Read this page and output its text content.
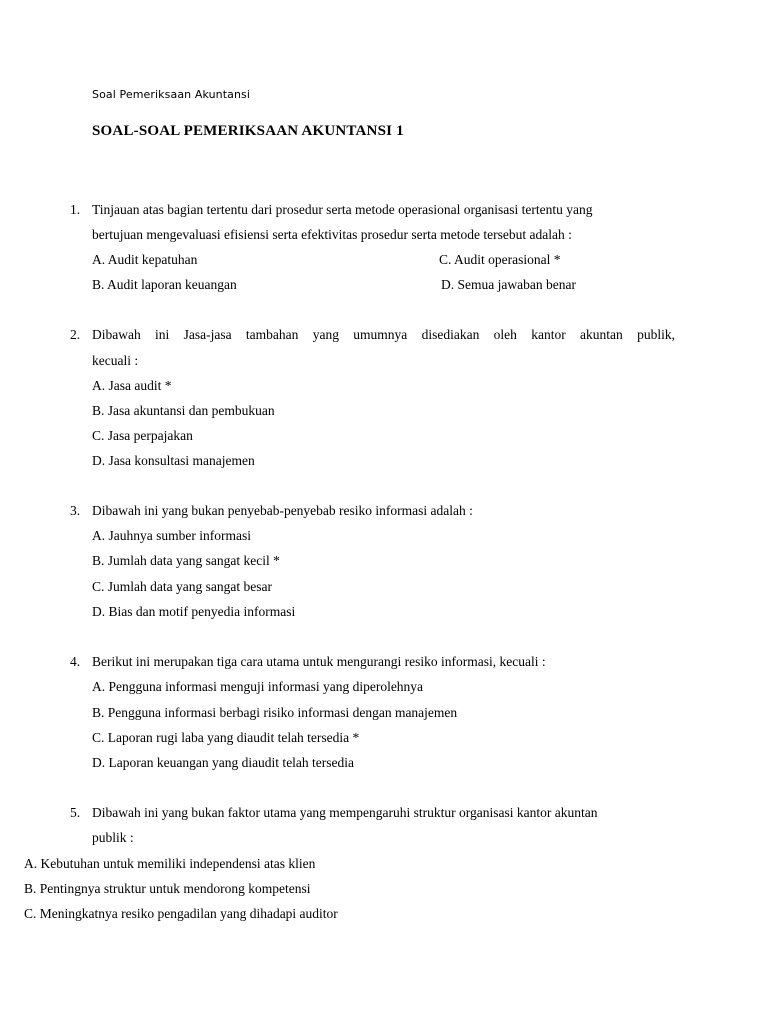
Soal Pemeriksaan Akuntansi
SOAL-SOAL PEMERIKSAAN AKUNTANSI 1
1. Tinjauan atas bagian tertentu dari prosedur serta metode operasional organisasi tertentu yang
bertujuan mengevaluasi efisiensi serta efektivitas prosedur serta metode tersebut adalah :
A. Audit kepatuhan	C. Audit operasional *
B. Audit laporan keuangan	D. Semua jawaban benar
2. Dibawah ini Jasa-jasa tambahan yang umumnya disediakan oleh kantor akuntan publik,
kecuali :
A. Jasa audit *
B. Jasa akuntansi dan pembukuan
C. Jasa perpajakan
D. Jasa konsultasi manajemen
3. Dibawah ini yang bukan penyebab-penyebab resiko informasi adalah :
A. Jauhnya sumber informasi
B. Jumlah data yang sangat kecil *
C. Jumlah data yang sangat besar
D. Bias dan motif penyedia informasi
4. Berikut ini merupakan tiga cara utama untuk mengurangi resiko informasi, kecuali :
A. Pengguna informasi menguji informasi yang diperolehnya
B. Pengguna informasi berbagi risiko informasi dengan manajemen
C. Laporan rugi laba yang diaudit telah tersedia *
D. Laporan keuangan yang diaudit telah tersedia
5. Dibawah ini yang bukan faktor utama yang mempengaruhi struktur organisasi kantor akuntan
publik :
A. Kebutuhan untuk memiliki independensi atas klien
B. Pentingnya struktur untuk mendorong kompetensi
C. Meningkatnya resiko pengadilan yang dihadapi auditor
